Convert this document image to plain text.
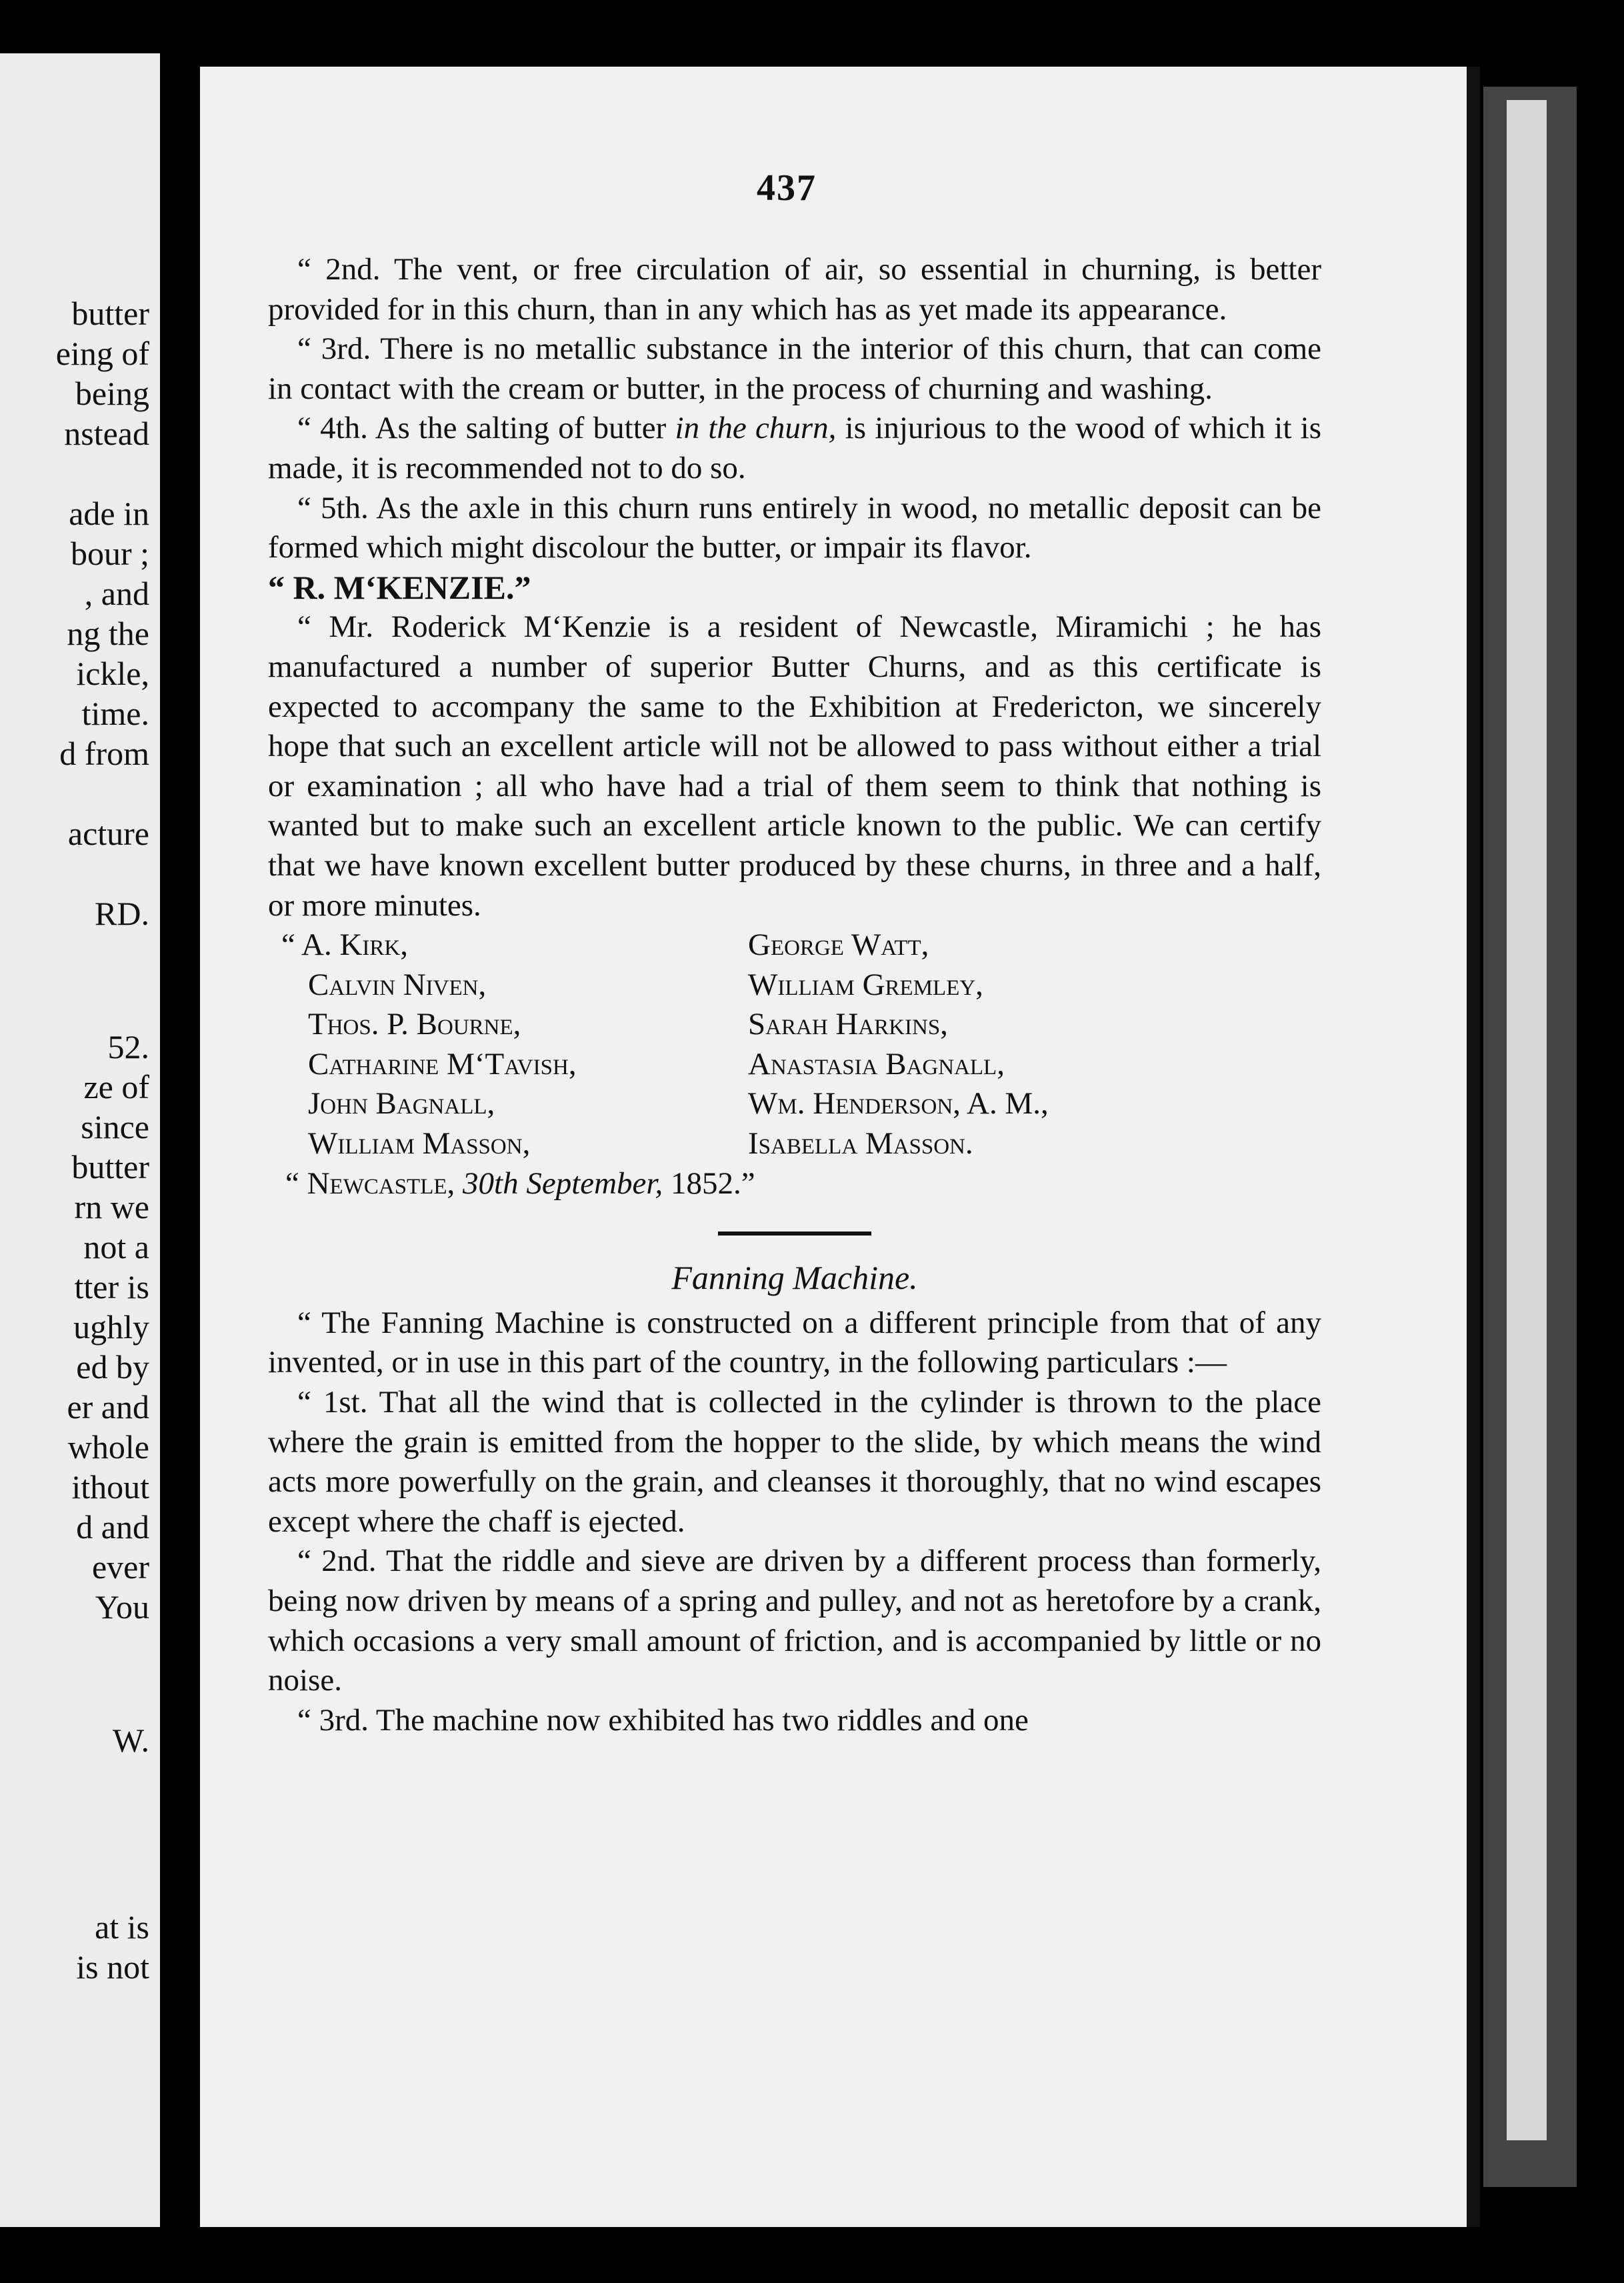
butter
eing of
being
nstead
ade in
bour ;
, and
ng the
ickle,
time.
d from
acture
RD.
52.
ze of
since
butter
rn we
not a
tter is
ughly
ed by
er and
whole
ithout
d and
ever
You
W.
at is
is not
437

“ 2nd. The vent, or free circulation of air, so essential in churning, is better provided for in this churn, than in any which has as yet made its appearance.

“ 3rd. There is no metallic substance in the interior of this churn, that can come in contact with the cream or butter, in the process of churning and washing.

“ 4th. As the salting of butter in the churn, is injurious to the wood of which it is made, it is recommended not to do so.

“ 5th. As the axle in this churn runs entirely in wood, no metallic deposit can be formed which might discolour the butter, or impair its flavor.

“ R. M‘KENZIE.”

“ Mr. Roderick M‘Kenzie is a resident of Newcastle, Miramichi ; he has manufactured a number of superior Butter Churns, and as this certificate is expected to accompany the same to the Exhibition at Fredericton, we sincerely hope that such an excellent article will not be allowed to pass without either a trial or examination ; all who have had a trial of them seem to think that nothing is wanted but to make such an excellent article known to the public. We can certify that we have known excellent butter produced by these churns, in three and a half, or more minutes.

“ A. Kirk,
Calvin Niven,
Thos. P. Bourne,
Catharine M‘Tavish,
John Bagnall,
William Masson,
George Watt,
William Gremley,
Sarah Harkins,
Anastasia Bagnall,
Wm. Henderson, A. M.,
Isabella Masson.
“ Newcastle, 30th September, 1852.”
Fanning Machine.

“ The Fanning Machine is constructed on a different principle from that of any invented, or in use in this part of the country, in the following particulars :—

“ 1st. That all the wind that is collected in the cylinder is thrown to the place where the grain is emitted from the hopper to the slide, by which means the wind acts more powerfully on the grain, and cleanses it thoroughly, that no wind escapes except where the chaff is ejected.

“ 2nd. That the riddle and sieve are driven by a different process than formerly, being now driven by means of a spring and pulley, and not as heretofore by a crank, which occasions a very small amount of friction, and is accompanied by little or no noise.

“ 3rd. The machine now exhibited has two riddles and one
